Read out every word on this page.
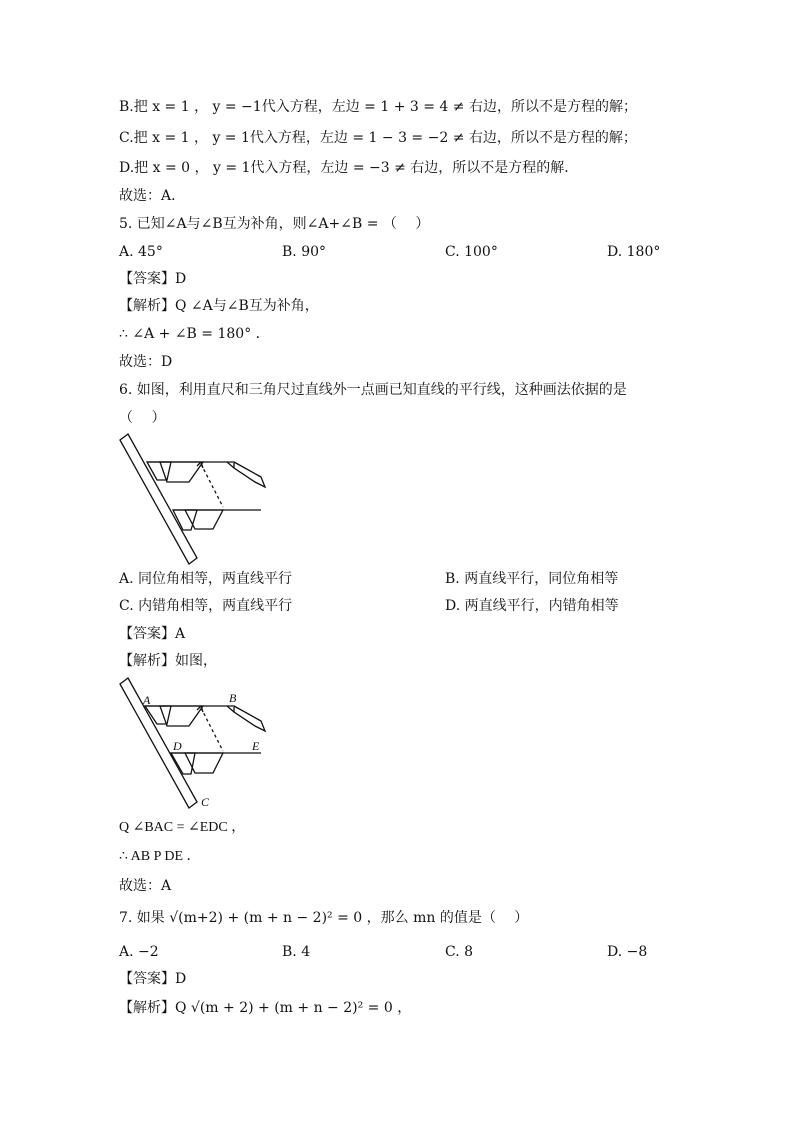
B.把 x = 1 ， y = −1代入方程，左边 = 1 + 3 = 4 ≠ 右边，所以不是方程的解；
C.把 x = 1 ， y = 1代入方程，左边 = 1 − 3 = −2 ≠ 右边，所以不是方程的解；
D.把 x = 0 ， y = 1代入方程，左边 = −3 ≠ 右边，所以不是方程的解．
故选：A．
5. 已知∠A与∠B互为补角，则∠A+∠B = （　 ）
A. 45°	B. 90°	C. 100°	D. 180°
【答案】D
【解析】Q ∠A与∠B互为补角，
∴ ∠A + ∠B = 180° ．
故选：D
6. 如图，利用直尺和三角尺过直线外一点画已知直线的平行线，这种画法依据的是
（　 ）
A. 同位角相等，两直线平行	B. 两直线平行，同位角相等
C. 内错角相等，两直线平行	D. 两直线平行，内错角相等
【答案】A
【解析】如图，
A	B
D	E
C
Q ∠BAC = ∠EDC ，
∴ AB P DE ．
故选：A
7. 如果 √(m+2) + (m + n − 2)² = 0 ，那么 mn 的值是（　 ）
A. −2	B. 4	C. 8	D. −8
【答案】D
【解析】Q √(m + 2) + (m + n − 2)² = 0 ，
